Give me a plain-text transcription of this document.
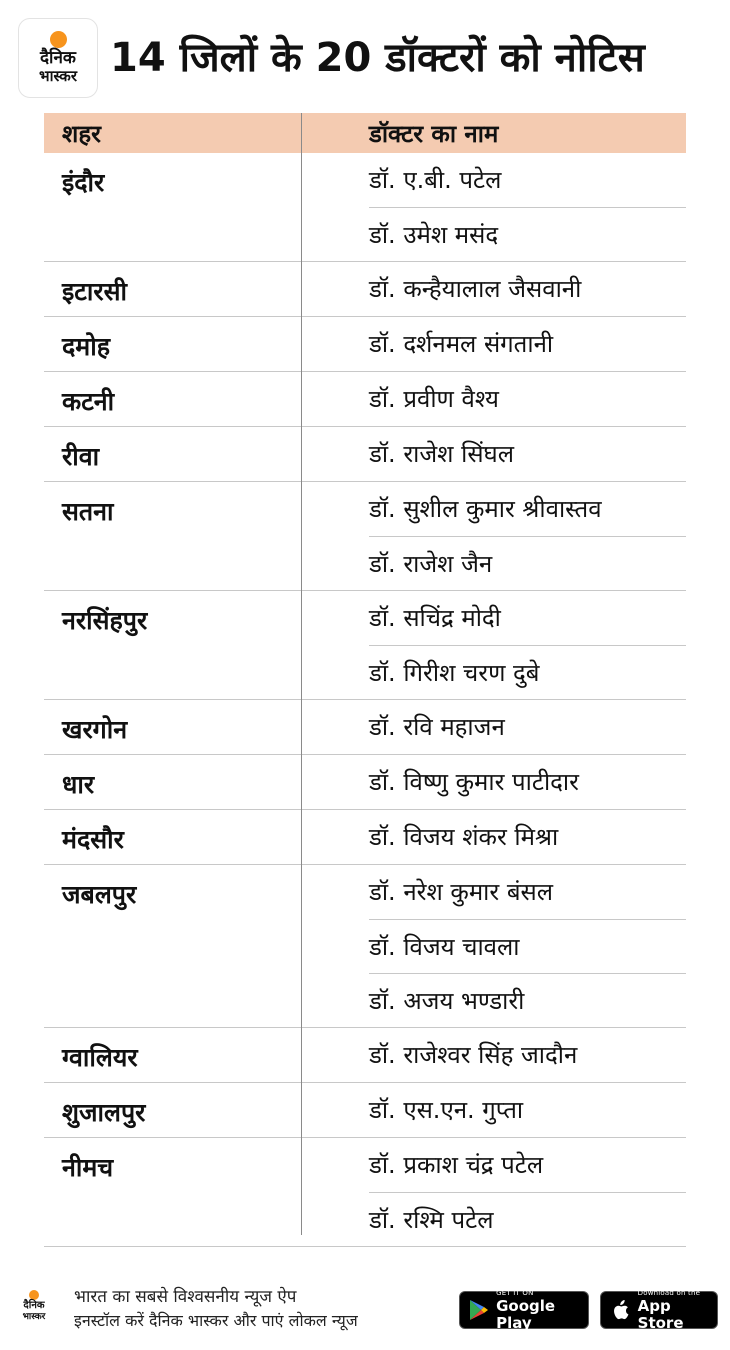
दैनिक
भास्कर 14 जिलों के 20 डॉक्टरों को नोटिस
शहर	डॉक्टर का नाम
इंदौर	डॉ. ए.बी. पटेल
डॉ. उमेश मसंद
इटारसी	डॉ. कन्हैयालाल जैसवानी
दमोह	डॉ. दर्शनमल संगतानी
कटनी	डॉ. प्रवीण वैश्य
रीवा	डॉ. राजेश सिंघल
सतना	डॉ. सुशील कुमार श्रीवास्तव
डॉ. राजेश जैन
नरसिंहपुर	डॉ. सचिंद्र मोदी
डॉ. गिरीश चरण दुबे
खरगोन	डॉ. रवि महाजन
धार	डॉ. विष्णु कुमार पाटीदार
मंदसौर	डॉ. विजय शंकर मिश्रा
जबलपुर	डॉ. नरेश कुमार बंसल
डॉ. विजय चावला
डॉ. अजय भण्डारी
ग्वालियर	डॉ. राजेश्वर सिंह जादौन
शुजालपुर	डॉ. एस.एन. गुप्ता
नीमच	डॉ. प्रकाश चंद्र पटेल
डॉ. रश्मि पटेल
दैनिक
भास्कर
भारत का सबसे विश्वसनीय न्यूज ऐप
इनस्टॉल करें दैनिक भास्कर और पाएं लोकल न्यूज
GET IT ON
Google Play
Download on the
App Store
